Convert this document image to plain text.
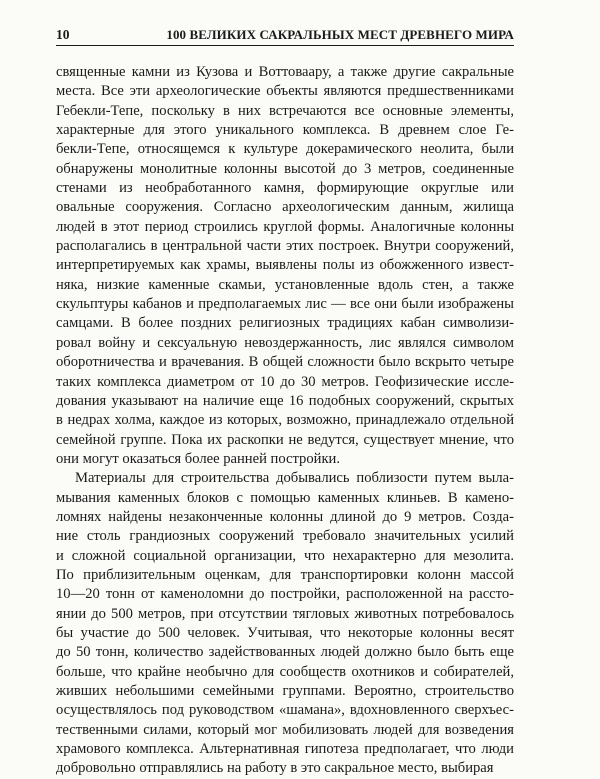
10	100 ВЕЛИКИХ САКРАЛЬНЫХ МЕСТ ДРЕВНЕГО МИРА

священные камни из Кузова и Воттоваару, а также другие сакральные
места. Все эти археологические объекты являются предшественниками
Гебекли-Тепе, поскольку в них встречаются все основные элементы,
характерные для этого уникального комплекса. В древнем слое Ге-
бекли-Тепе, относящемся к культуре докерамического неолита, были
обнаружены монолитные колонны высотой до 3 метров, соединенные
стенами из необработанного камня, формирующие округлые или
овальные сооружения. Согласно археологическим данным, жилища
людей в этот период строились круглой формы. Аналогичные колонны
располагались в центральной части этих построек. Внутри сооружений,
интерпретируемых как храмы, выявлены полы из обожженного извест-
няка, низкие каменные скамьи, установленные вдоль стен, а также
скульптуры кабанов и предполагаемых лис — все они были изображены
самцами. В более поздних религиозных традициях кабан символизи-
ровал войну и сексуальную невоздержанность, лис являлся символом
оборотничества и врачевания. В общей сложности было вскрыто четыре
таких комплекса диаметром от 10 до 30 метров. Геофизические иссле-
дования указывают на наличие еще 16 подобных сооружений, скрытых
в недрах холма, каждое из которых, возможно, принадлежало отдельной
семейной группе. Пока их раскопки не ведутся, существует мнение, что
они могут оказаться более ранней постройки.

Материалы для строительства добывались поблизости путем выла-
мывания каменных блоков с помощью каменных клиньев. В камено-
ломнях найдены незаконченные колонны длиной до 9 метров. Созда-
ние столь грандиозных сооружений требовало значительных усилий
и сложной социальной организации, что нехарактерно для мезолита.
По приблизительным оценкам, для транспортировки колонн массой
10—20 тонн от каменоломни до постройки, расположенной на рассто-
янии до 500 метров, при отсутствии тягловых животных потребовалось
бы участие до 500 человек. Учитывая, что некоторые колонны весят
до 50 тонн, количество задействованных людей должно было быть еще
больше, что крайне необычно для сообществ охотников и собирателей,
живших небольшими семейными группами. Вероятно, строительство
осуществлялось под руководством «шамана», вдохновленного сверхъес-
тественными силами, который мог мобилизовать людей для возведения
храмового комплекса. Альтернативная гипотеза предполагает, что люди
добровольно отправлялись на работу в это сакральное место, выбирая
